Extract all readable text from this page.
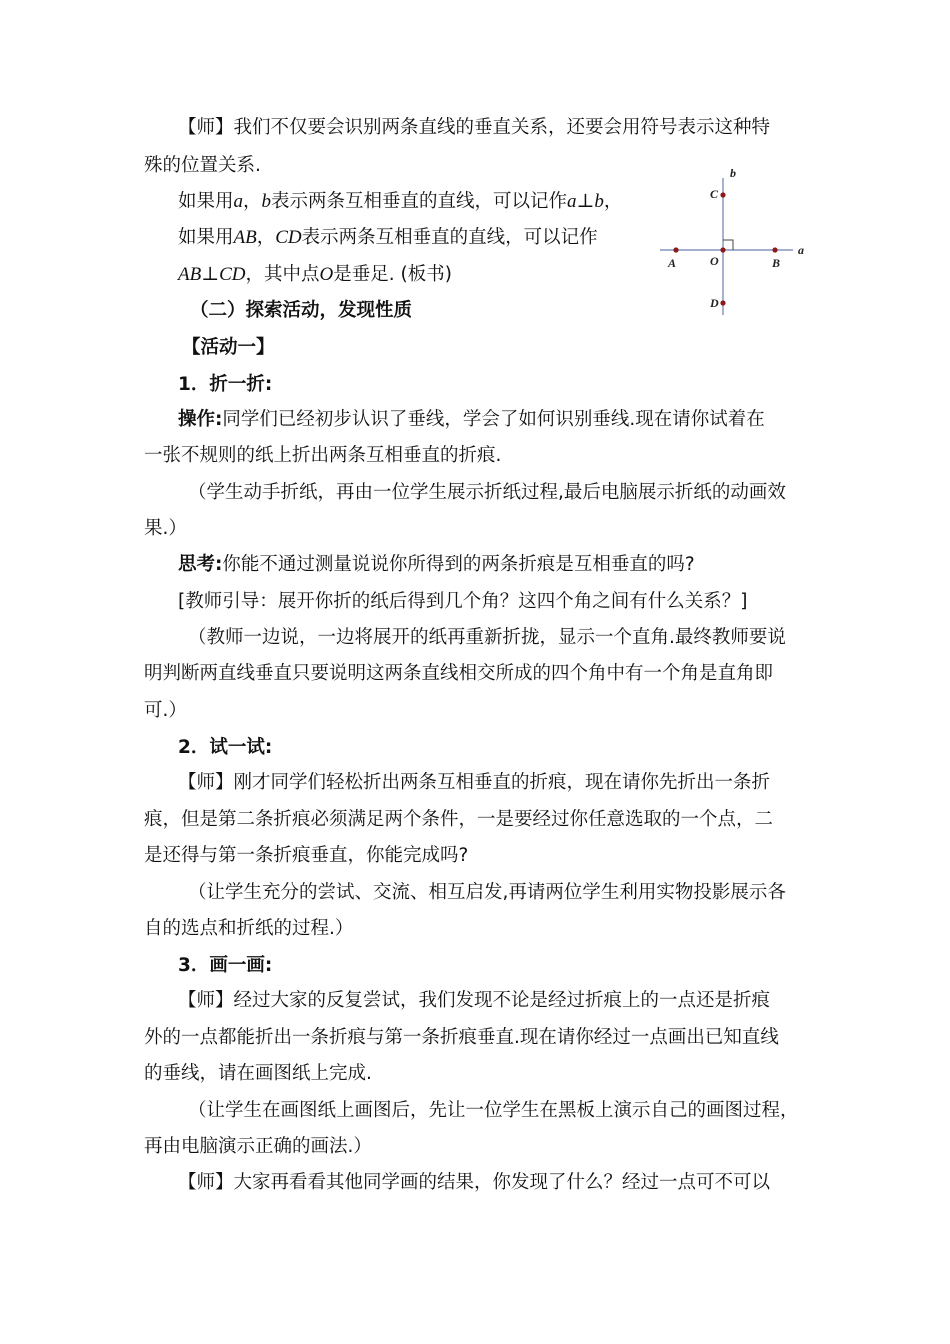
【师】我们不仅要会识别两条直线的垂直关系，还要会用符号表示这种特
殊的位置关系.
如果用a，b表示两条互相垂直的直线，可以记作a⊥b，
如果用AB，CD表示两条互相垂直的直线，可以记作
AB⊥CD，其中点O是垂足. (板书)
（二）探索活动，发现性质
【活动一】
1．折一折:
操作:同学们已经初步认识了垂线，学会了如何识别垂线.现在请你试着在
一张不规则的纸上折出两条互相垂直的折痕.
（学生动手折纸，再由一位学生展示折纸过程,最后电脑展示折纸的动画效
果.）
思考:你能不通过测量说说你所得到的两条折痕是互相垂直的吗?
[教师引导：展开你折的纸后得到几个角？这四个角之间有什么关系？]
（教师一边说，一边将展开的纸再重新折拢，显示一个直角.最终教师要说
明判断两直线垂直只要说明这两条直线相交所成的四个角中有一个角是直角即
可.）
2．试一试:
【师】刚才同学们轻松折出两条互相垂直的折痕，现在请你先折出一条折
痕，但是第二条折痕必须满足两个条件，一是要经过你任意选取的一个点，二
是还得与第一条折痕垂直，你能完成吗?
（让学生充分的尝试、交流、相互启发,再请两位学生利用实物投影展示各
自的选点和折纸的过程.）
3．画一画:
【师】经过大家的反复尝试，我们发现不论是经过折痕上的一点还是折痕
外的一点都能折出一条折痕与第一条折痕垂直.现在请你经过一点画出已知直线
的垂线，请在画图纸上完成.
（让学生在画图纸上画图后，先让一位学生在黑板上演示自己的画图过程，
再由电脑演示正确的画法.）
【师】大家再看看其他同学画的结果，你发现了什么？经过一点可不可以
b
a
C
A	O	B
D
